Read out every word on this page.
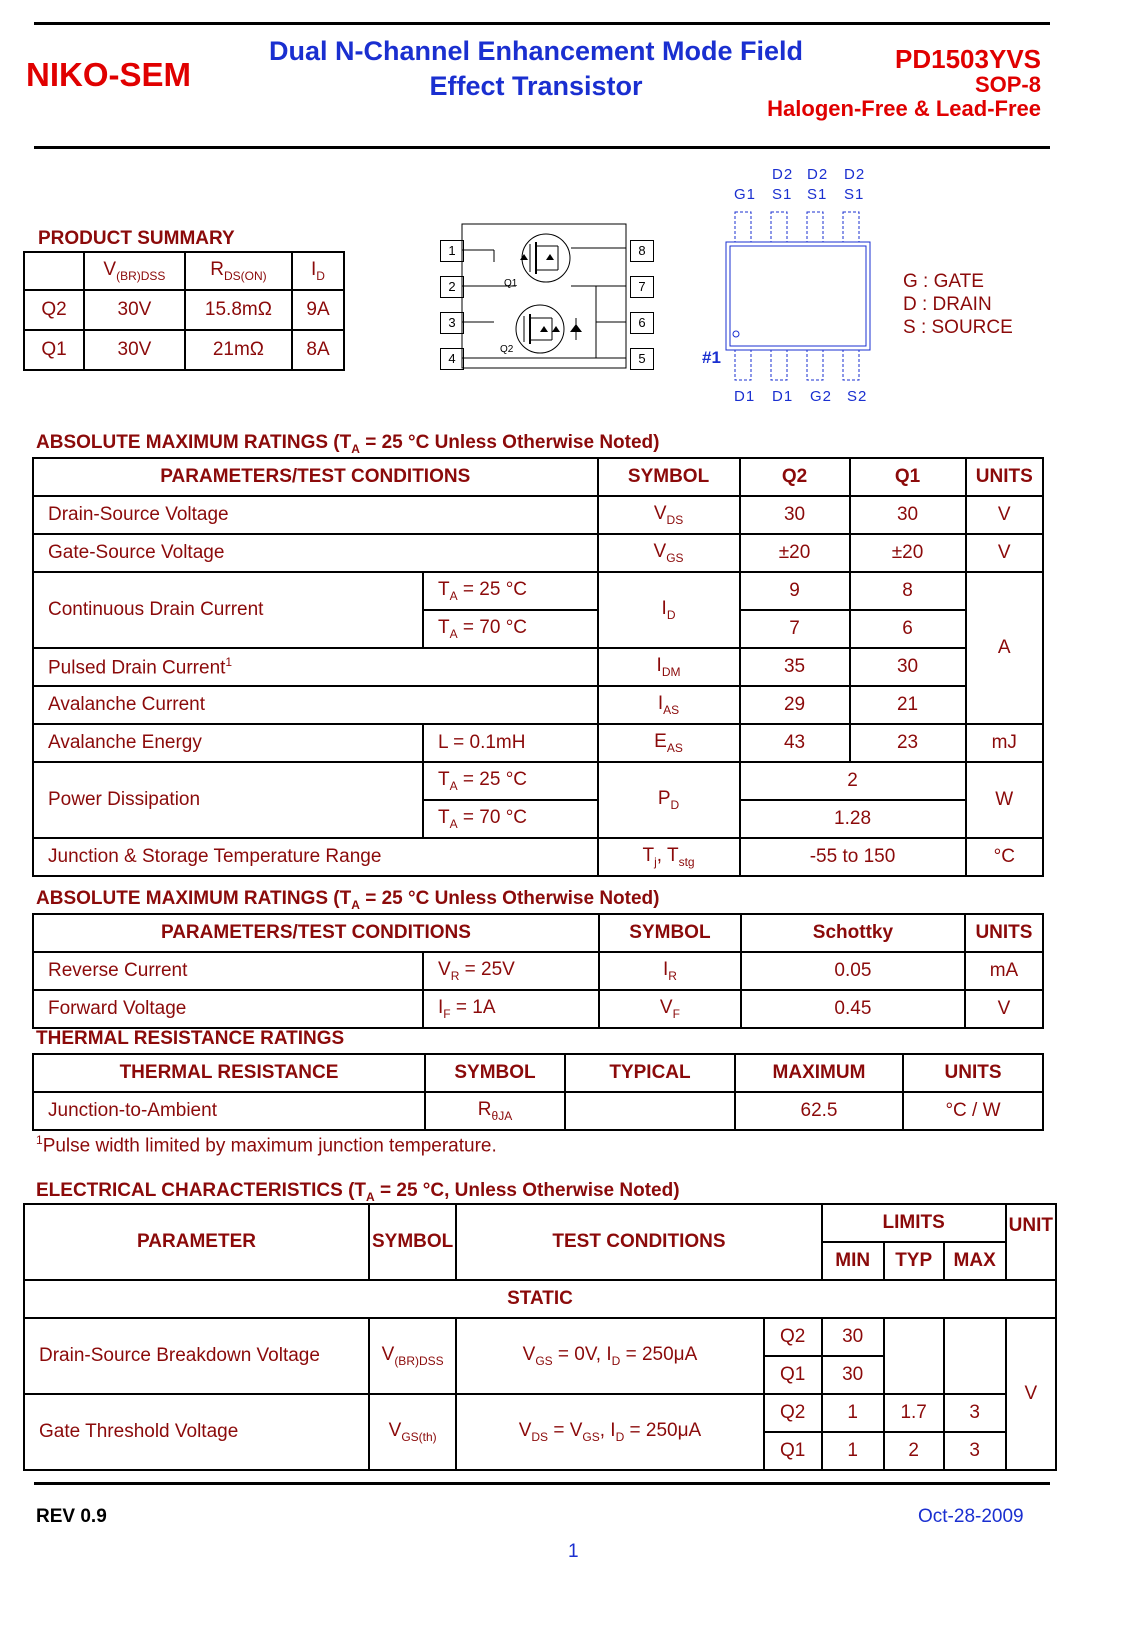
NIKO-SEM
Dual N-Channel Enhancement Mode Field
Effect Transistor
PD1503YVS
SOP-8
Halogen-Free & Lead-Free
PRODUCT SUMMARY
	$V_{(BR)DSS}$	$R_{DS(ON)}$	$I_D$
Q2	30V	15.8mΩ	9A
Q1	30V	21mΩ	8A
Q1
Q2
1
2
3
4
8
7
6
5
D2 D2 D2
G1 S1 S1 S1
#1
D1 D1 G2 S2
G : GATE
D : DRAIN
S : SOURCE
ABSOLUTE MAXIMUM RATINGS ($T_A = 25$ °C Unless Otherwise Noted)
PARAMETERS/TEST CONDITIONS		SYMBOL	Q2	Q1	UNITS
Drain-Source Voltage		$V_{DS}$	30	30	V
Gate-Source Voltage		$V_{GS}$	±20	±20	V
Continuous Drain Current	$T_A = 25$ °C	$I_D$	9	8	A
	$T_A = 70$ °C		7	6	
Pulsed Drain Current$^1$		$I_{DM}$	35	30	
Avalanche Current		$I_{AS}$	29	21	
Avalanche Energy	L = 0.1mH	$E_{AS}$	43	23	mJ
Power Dissipation	$T_A = 25$ °C	$P_D$	2		W
	$T_A = 70$ °C		1.28		
Junction & Storage Temperature Range		$T_j$, $T_{stg}$	-55 to 150		°C
ABSOLUTE MAXIMUM RATINGS ($T_A = 25$ °C Unless Otherwise Noted)
PARAMETERS/TEST CONDITIONS		SYMBOL	Schottky	UNITS
Reverse Current	$V_R = 25V$	$I_R$	0.05	mA
Forward Voltage	$I_F = 1A$	$V_F$	0.45	V
THERMAL RESISTANCE RATINGS
THERMAL RESISTANCE	SYMBOL	TYPICAL	MAXIMUM	UNITS
Junction-to-Ambient	$R_{\theta JA}$		62.5	°C / W
$^1$Pulse width limited by maximum junction temperature.
ELECTRICAL CHARACTERISTICS ($T_A = 25$ °C, Unless Otherwise Noted)
PARAMETER	SYMBOL	TEST CONDITIONS		LIMITS			UNIT
				MIN	TYP	MAX	
STATIC							
Drain-Source Breakdown Voltage	$V_{(BR)DSS}$	$V_{GS} = 0V$, $I_D = 250\mu A$	Q2	30			V
			Q1	30			
Gate Threshold Voltage	$V_{GS(th)}$	$V_{DS} = V_{GS}$, $I_D = 250\mu A$	Q2	1	1.7	3	
			Q1	1	2	3	
REV 0.9	Oct-28-2009
1
